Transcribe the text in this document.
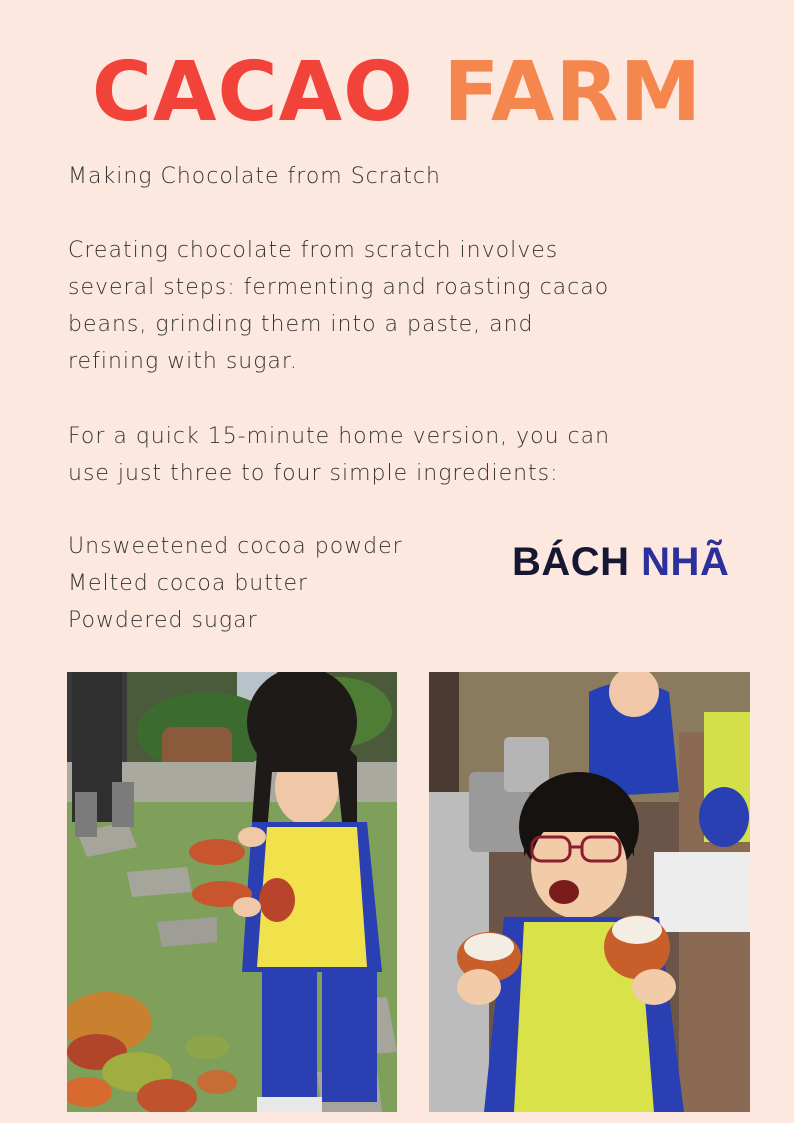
CACAO FARM
Making Chocolate from Scratch
Creating chocolate from scratch involves several steps: fermenting and roasting cacao beans, grinding them into a paste, and refining with sugar.
For a quick 15-minute home version, you can use just three to four simple ingredients:
Unsweetened cocoa powder
Melted cocoa butter
Powdered sugar
BÁCH NHÃ
